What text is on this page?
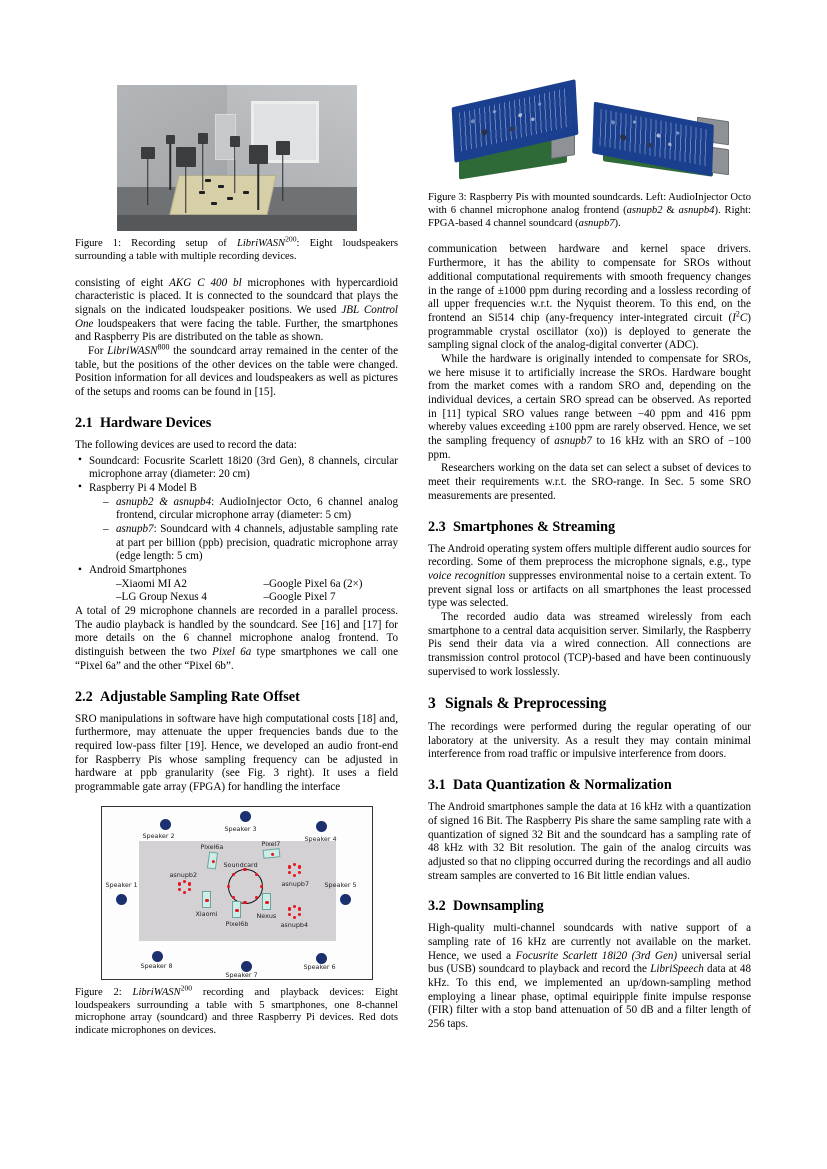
Figure 1: Recording setup of LibriWASN$^{200}$: Eight loudspeakers surrounding a table with multiple recording devices.

consisting of eight AKG C 400 bl microphones with hypercardioid characteristic is placed. It is connected to the soundcard that plays the signals on the indicated loudspeaker positions. We used JBL Control One loudspeakers that were facing the table. Further, the smartphones and Raspberry Pis are distributed on the table as shown.

For LibriWASN$^{800}$ the soundcard array remained in the center of the table, but the positions of the other devices on the table were changed. Position information for all devices and loudspeakers as well as pictures of the setups and rooms can be found in [15].

2.1 Hardware Devices

The following devices are used to record the data:

• Soundcard: Focusrite Scarlett 18i20 (3rd Gen), 8 channels, circular microphone array (diameter: 20 cm)
• Raspberry Pi 4 Model B
– asnupb2 & asnupb4: AudioInjector Octo, 6 channel analog frontend, circular microphone array (diameter: 5 cm)
– asnupb7: Soundcard with 4 channels, adjustable sampling rate at part per billion (ppb) precision, quadratic microphone array (edge length: 5 cm)
• Android Smartphones
–Xiaomi MI A2	–Google Pixel 6a (2×)
–LG Group Nexus 4	–Google Pixel 7

A total of 29 microphone channels are recorded in a parallel process. The audio playback is handled by the soundcard. See [16] and [17] for more details on the 6 channel microphone analog frontend. To distinguish between the two Pixel 6a type smartphones we call one “Pixel 6a” and the other “Pixel 6b”.

2.2 Adjustable Sampling Rate Offset

SRO manipulations in software have high computational costs [18] and, furthermore, may attenuate the upper frequencies bands due to the required low-pass filter [19]. Hence, we developed an audio front-end for Raspberry Pis whose sampling frequency can be adjusted in hardware at ppb granularity (see Fig. 3 right). It uses a field programmable gate array (FPGA) for handling the interface

Speaker 1
Speaker 2
Speaker 3
Speaker 4
Speaker 5
Speaker 6
Speaker 7
Speaker 8
Pixel6a	Pixel7
Soundcard
asnupb2
asnupb7
asnupb4
Xiaomi
Pixel6b
Nexus
Figure 2: LibriWASN$^{200}$ recording and playback devices: Eight loudspeakers surrounding a table with 5 smartphones, one 8-channel microphone array (soundcard) and three Raspberry Pi devices. Red dots indicate microphones on devices.
Figure 3: Raspberry Pis with mounted soundcards. Left: AudioInjector Octo with 6 channel microphone analog frontend (asnupb2 & asnupb4). Right: FPGA-based 4 channel soundcard (asnupb7).

communication between hardware and kernel space drivers. Furthermore, it has the ability to compensate for SROs without additional computational requirements with smooth frequency changes in the range of ±1000 ppm during recording and a lossless recording of all upper frequencies w.r.t. the Nyquist theorem. To this end, on the frontend an Si514 chip (any-frequency inter-integrated circuit $(I^2C)$ programmable crystal oscillator (xo)) is deployed to generate the sampling signal clock of the analog-digital converter (ADC).

While the hardware is originally intended to compensate for SROs, we here misuse it to artificially increase the SROs. Hardware bought from the market comes with a random SRO and, depending on the individual devices, a certain SRO spread can be observed. As reported in [11] typical SRO values range between −40 ppm and 416 ppm whereby values exceeding ±100 ppm are rarely observed. Hence, we set the sampling frequency of asnupb7 to 16 kHz with an SRO of −100 ppm.

Researchers working on the data set can select a subset of devices to meet their requirements w.r.t. the SRO-range. In Sec. 5 some SRO measurements are presented.

2.3 Smartphones & Streaming

The Android operating system offers multiple different audio sources for recording. Some of them preprocess the microphone signals, e.g., type voice recognition suppresses environmental noise to a certain extent. To prevent signal loss or artifacts on all smartphones the least processed type was selected.

The recorded audio data was streamed wirelessly from each smartphone to a central data acquisition server. Similarly, the Raspberry Pis send their data via a wired connection. All connections are transmission control protocol (TCP)-based and have been continuously supervised to work losslessly.

3 Signals & Preprocessing

The recordings were performed during the regular operating of our laboratory at the university. As a result they may contain minimal interference from road traffic or impulsive interference from doors.

3.1 Data Quantization & Normalization

The Android smartphones sample the data at 16 kHz with a quantization of signed 16 Bit. The Raspberry Pis share the same sampling rate with a quantization of signed 32 Bit and the soundcard has a sampling rate of 48 kHz with 32 Bit resolution. The gain of the analog circuits was adjusted so that no clipping occurred during the recordings and all audio stream samples are converted to 16 Bit little endian values.

3.2 Downsampling

High-quality multi-channel soundcards with native support of a sampling rate of 16 kHz are currently not available on the market. Hence, we used a Focusrite Scarlett 18i20 (3rd Gen) universal serial bus (USB) soundcard to playback and record the LibriSpeech data at 48 kHz. To this end, we implemented an up/down-sampling method employing a linear phase, optimal equiripple finite impulse response (FIR) filter with a stop band attenuation of 50 dB and a filter length of 256 taps.
